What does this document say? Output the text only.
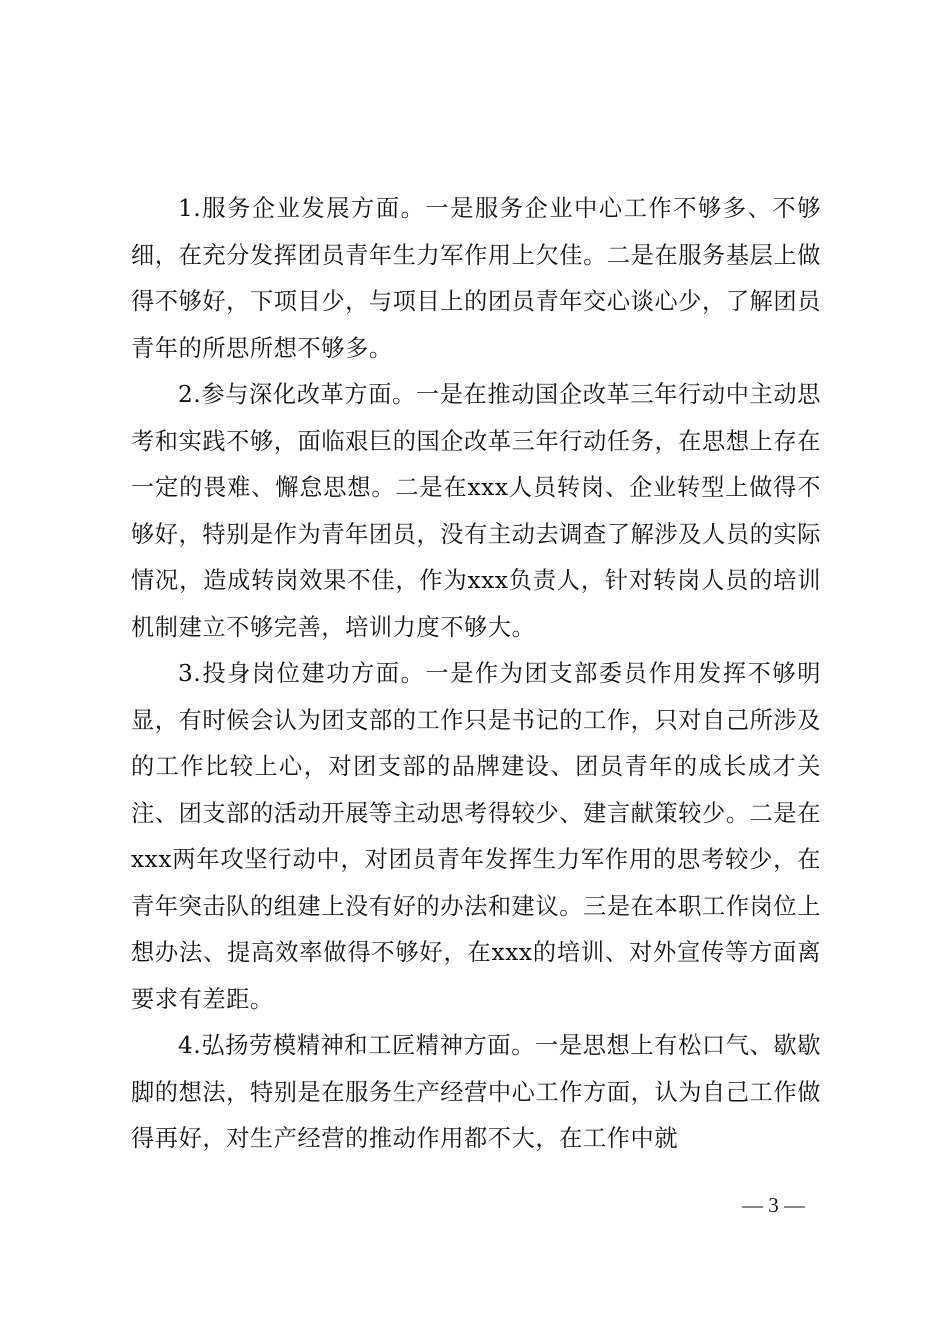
1.服务企业发展方面。一是服务企业中心工作不够多、不够细，在充分发挥团员青年生力军作用上欠佳。二是在服务基层上做得不够好，下项目少，与项目上的团员青年交心谈心少，了解团员青年的所思所想不够多。

2.参与深化改革方面。一是在推动国企改革三年行动中主动思考和实践不够，面临艰巨的国企改革三年行动任务，在思想上存在一定的畏难、懈怠思想。二是在xxx人员转岗、企业转型上做得不够好，特别是作为青年团员，没有主动去调查了解涉及人员的实际情况，造成转岗效果不佳，作为xxx负责人，针对转岗人员的培训机制建立不够完善，培训力度不够大。

3.投身岗位建功方面。一是作为团支部委员作用发挥不够明显，有时候会认为团支部的工作只是书记的工作，只对自己所涉及的工作比较上心，对团支部的品牌建设、团员青年的成长成才关注、团支部的活动开展等主动思考得较少、建言献策较少。二是在xxx两年攻坚行动中，对团员青年发挥生力军作用的思考较少，在青年突击队的组建上没有好的办法和建议。三是在本职工作岗位上想办法、提高效率做得不够好，在xxx的培训、对外宣传等方面离要求有差距。

4.弘扬劳模精神和工匠精神方面。一是思想上有松口气、歇歇脚的想法，特别是在服务生产经营中心工作方面，认为自己工作做得再好，对生产经营的推动作用都不大，在工作中就

— 3 —
